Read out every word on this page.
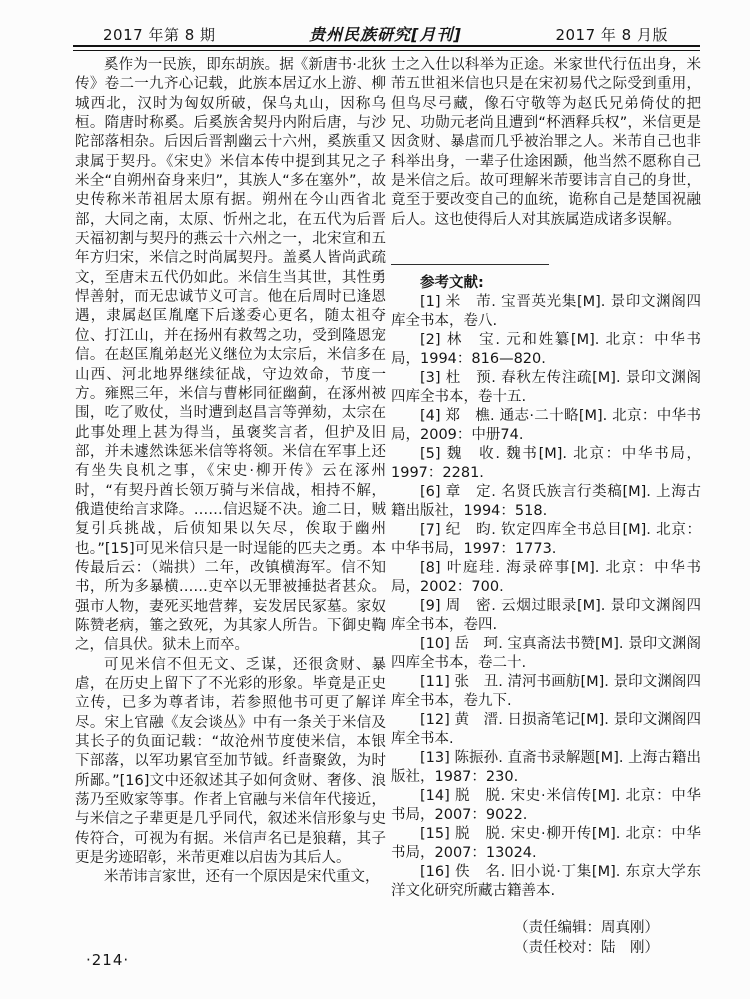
2017 年第 8 期	贵州民族研究[月刊]	2017 年 8 月版

奚作为一民族，即东胡族。据《新唐书·北狄传》卷二一九齐心记载，此族本居辽水上游、柳城西北，汉时为匈奴所破，保乌丸山，因称乌桓。隋唐时称奚。后奚族舍契丹内附后唐，与沙陀部落相杂。后因后晋割幽云十六州，奚族重又隶属于契丹。《宋史》米信本传中提到其兄之子米全“自朔州奋身来归”，其族人“多在塞外”，故史传称米芾祖居太原有据。朔州在今山西省北部，大同之南，太原、忻州之北，在五代为后晋天福初割与契丹的燕云十六州之一，北宋宣和五年方归宋，米信之时尚属契丹。盖奚人皆尚武疏文，至唐末五代仍如此。米信生当其世，其性勇悍善射，而无忠诚节义可言。他在后周时已逢恩遇，隶属赵匡胤麾下后遂委心更名，随太祖夺位、打江山，并在扬州有救驾之功，受到隆恩宠信。在赵匡胤弟赵光义继位为太宗后，米信多在山西、河北地界继续征战，守边效命，节度一方。雍熙三年，米信与曹彬同征幽蓟，在涿州被围，吃了败仗，当时遭到赵昌言等弹劾，太宗在此事处理上甚为得当，虽褒奖言者，但护及旧部，并未遽然诛惩米信等将领。米信在军事上还有坐失良机之事，《宋史·柳开传》云在涿州时，“有契丹酋长领万骑与米信战，相持不解，俄遣使绐言求降。……信迟疑不决。逾二日，贼复引兵挑战，后侦知果以矢尽，俟取于幽州也。”[15]可见米信只是一时逞能的匹夫之勇。本传最后云：（端拱）二年，改镇横海军。信不知书，所为多暴横……吏卒以无罪被捶挞者甚众。强市人物，妻死买地营葬，妄发居民冢墓。家奴陈赞老病，箠之致死，为其家人所告。下御史鞫之，信具伏。狱未上而卒。

可见米信不但无文、乏谋，还很贪财、暴虐，在历史上留下了不光彩的形象。毕竟是正史立传，已多为尊者讳，若参照他书可更了解详尽。宋上官融《友会谈丛》中有一条关于米信及其长子的负面记载：“故沧州节度使米信，本银下部落，以军功累官至加节钺。纤啬聚敛，为时所鄙。”[16]文中还叙述其子如何贪财、奢侈、浪荡乃至败家等事。作者上官融与米信年代接近，与米信之子辈更是几乎同代，叙述米信形象与史传符合，可视为有据。米信声名已是狼藉，其子更是劣迹昭彰，米芾更难以启齿为其后人。

米芾讳言家世，还有一个原因是宋代重文，

士之入仕以科举为正途。米家世代行伍出身，米芾五世祖米信也只是在宋初易代之际受到重用，但鸟尽弓藏，像石守敬等为赵氏兄弟倚仗的把兄、功勋元老尚且遭到“杯酒释兵权”，米信更是因贪财、暴虐而几乎被治罪之人。米芾自己也非科举出身，一辈子仕途困踬，他当然不愿称自己是米信之后。故可理解米芾要讳言自己的身世，竟至于要改变自己的血统，诡称自己是楚国祝融后人。这也使得后人对其族属造成诸多误解。

参考文献:

[1] 米　芾. 宝晋英光集[M]. 景印文渊阁四库全书本，卷八.

[2] 林　宝. 元和姓纂[M]. 北京：中华书局，1994：816—820.

[3] 杜　预. 春秋左传注疏[M]. 景印文渊阁四库全书本，卷十五.

[4] 郑　樵. 通志·二十略[M]. 北京：中华书局，2009：中册74.

[5] 魏　收. 魏书[M]. 北京：中华书局，1997：2281.

[6] 章　定. 名贤氏族言行类稿[M]. 上海古籍出版社，1994：518.

[7] 纪　昀. 钦定四库全书总目[M]. 北京：中华书局，1997：1773.

[8] 叶庭珪. 海录碎事[M]. 北京：中华书局，2002：700.

[9] 周　密. 云烟过眼录[M]. 景印文渊阁四库全书本，卷四.

[10] 岳　珂. 宝真斋法书赞[M]. 景印文渊阁四库全书本，卷二十.

[11] 张　丑. 清河书画舫[M]. 景印文渊阁四库全书本，卷九下.

[12] 黄　溍. 日损斋笔记[M]. 景印文渊阁四库全书本.

[13] 陈振孙. 直斋书录解题[M]. 上海古籍出版社，1987：230.

[14] 脱　脱. 宋史·米信传[M]. 北京：中华书局，2007：9022.

[15] 脱　脱. 宋史·柳开传[M]. 北京：中华书局，2007：13024.

[16] 佚　名. 旧小说·丁集[M]. 东京大学东洋文化研究所藏古籍善本.

（责任编辑：周真刚）

（责任校对：陆　刚）

·214·
